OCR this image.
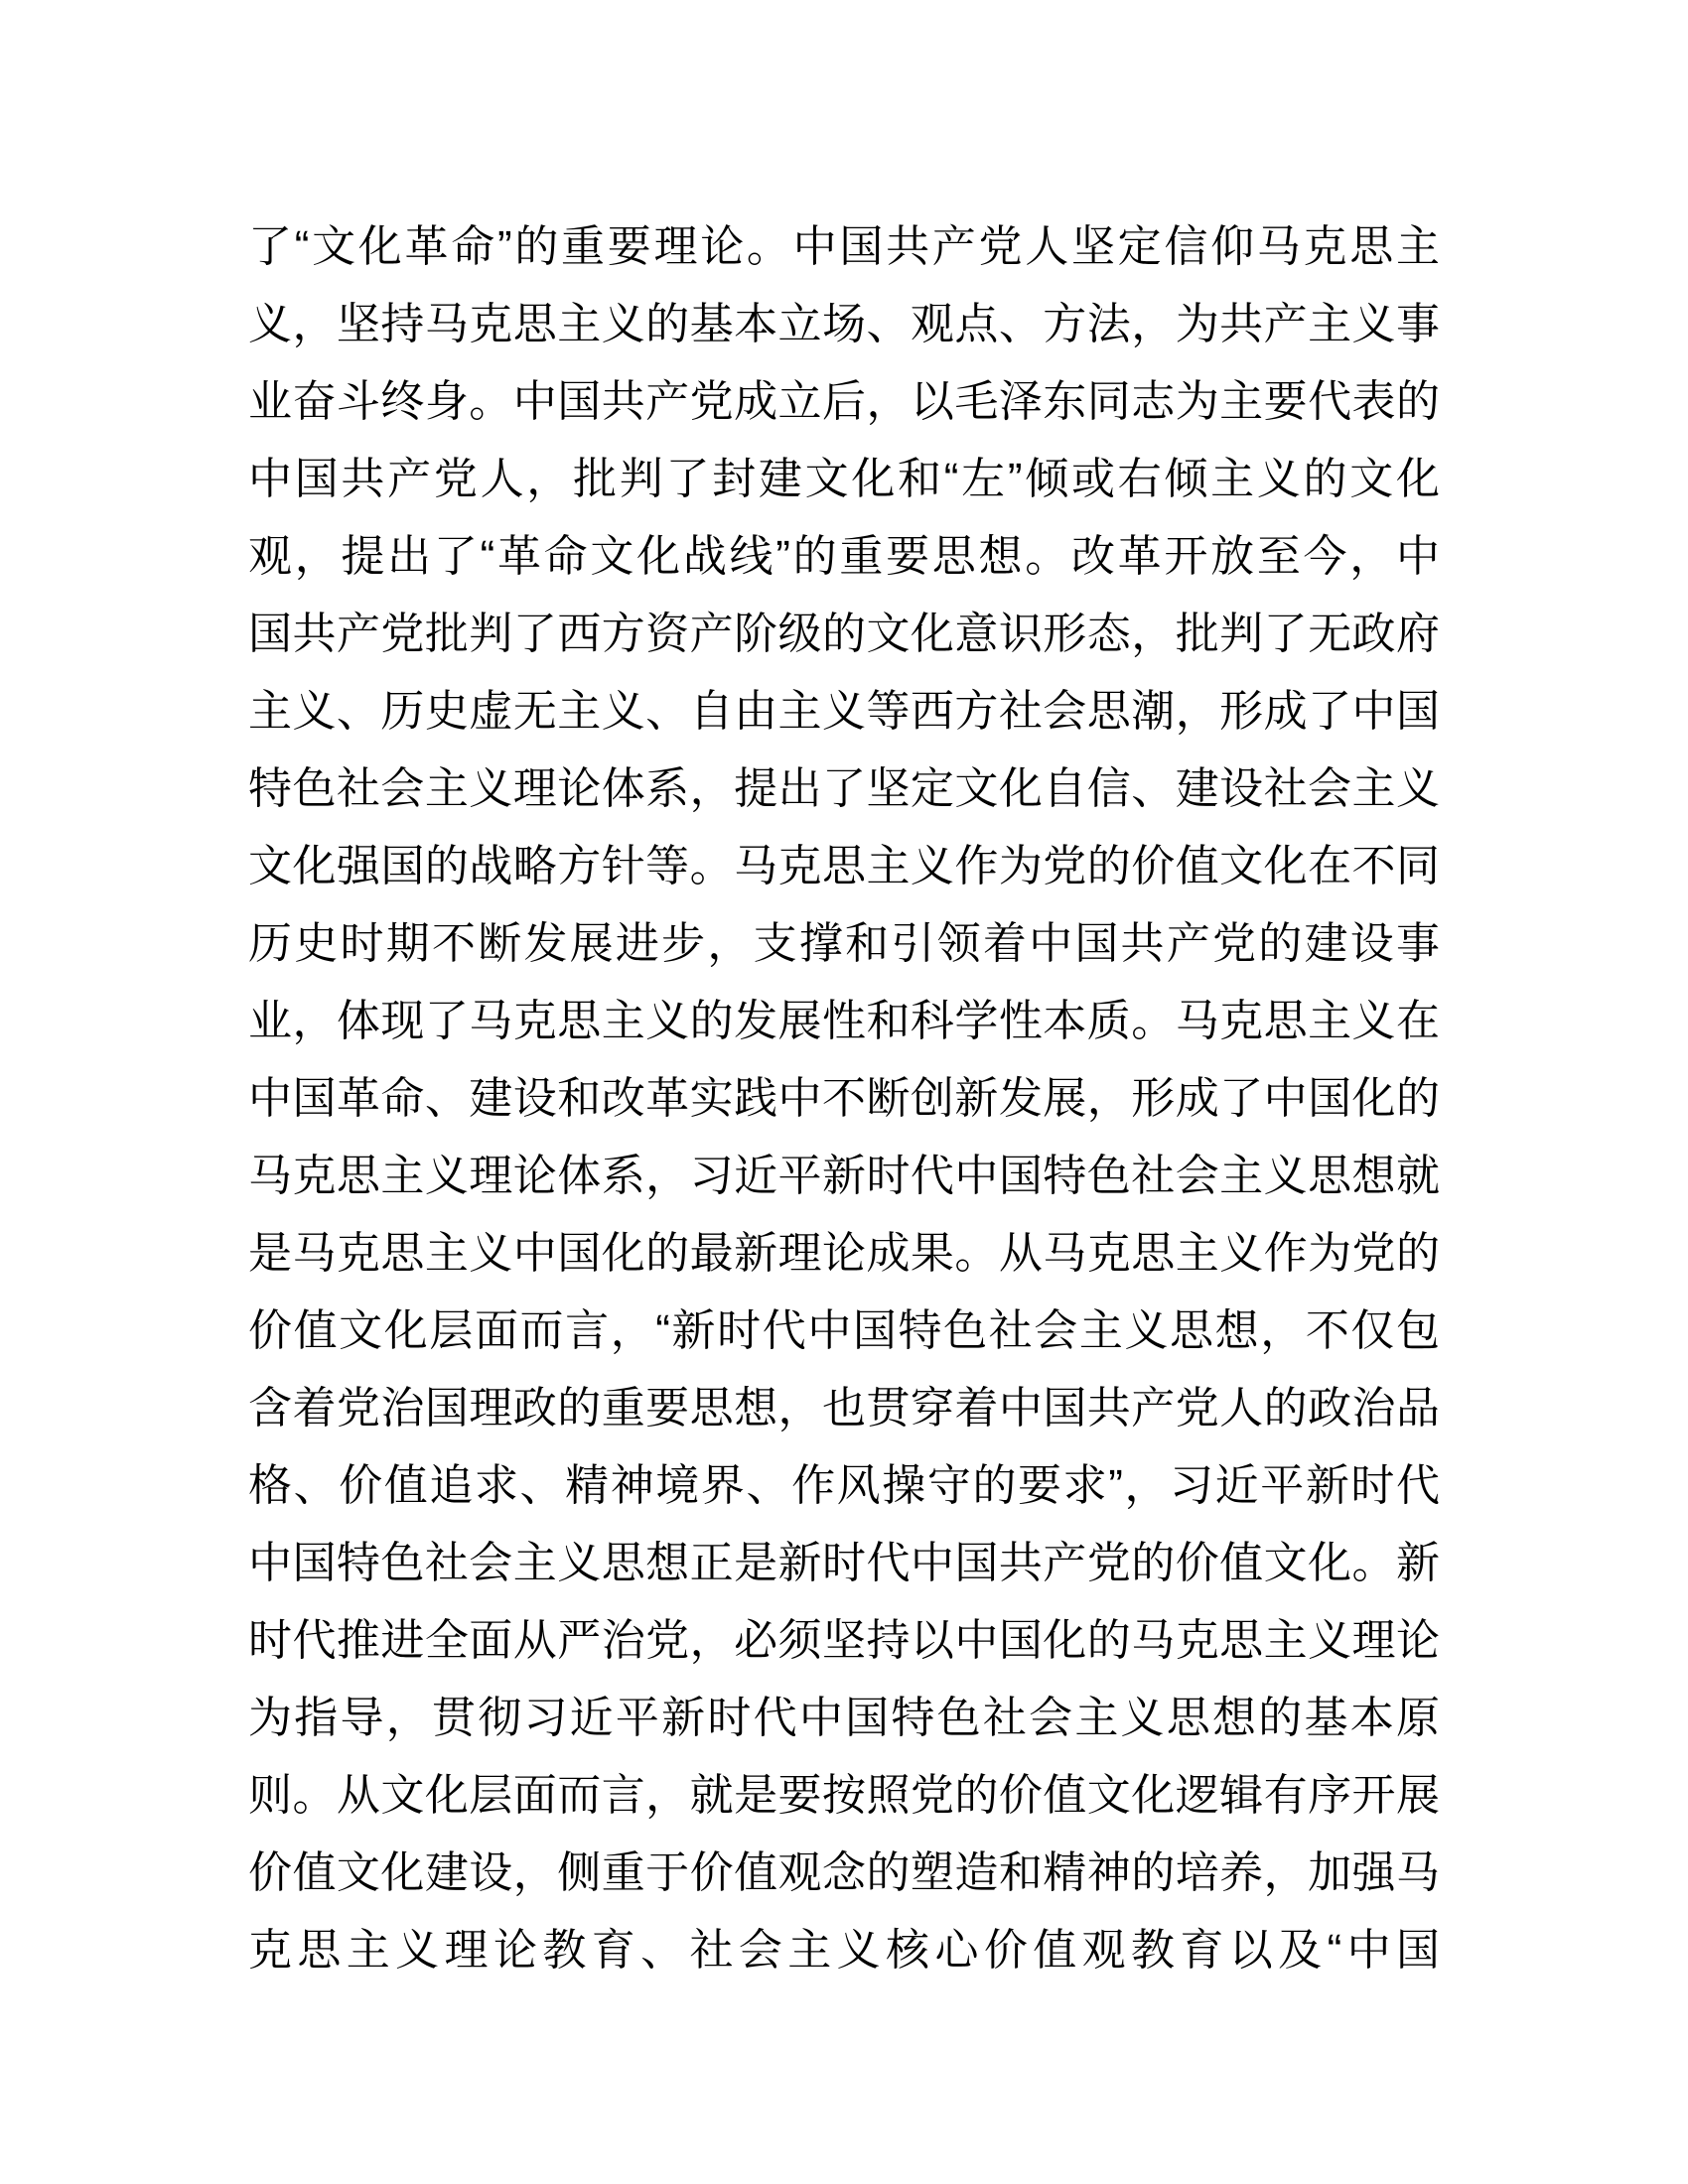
了“文化革命”的重要理论。中国共产党人坚定信仰马克思主
义，坚持马克思主义的基本立场、观点、方法，为共产主义事
业奋斗终身。中国共产党成立后，以毛泽东同志为主要代表的
中国共产党人，批判了封建文化和“左”倾或右倾主义的文化
观，提出了“革命文化战线”的重要思想。改革开放至今，中
国共产党批判了西方资产阶级的文化意识形态，批判了无政府
主义、历史虚无主义、自由主义等西方社会思潮，形成了中国
特色社会主义理论体系，提出了坚定文化自信、建设社会主义
文化强国的战略方针等。马克思主义作为党的价值文化在不同
历史时期不断发展进步，支撑和引领着中国共产党的建设事
业，体现了马克思主义的发展性和科学性本质。马克思主义在
中国革命、建设和改革实践中不断创新发展，形成了中国化的
马克思主义理论体系，习近平新时代中国特色社会主义思想就
是马克思主义中国化的最新理论成果。从马克思主义作为党的
价值文化层面而言，“新时代中国特色社会主义思想，不仅包
含着党治国理政的重要思想，也贯穿着中国共产党人的政治品
格、价值追求、精神境界、作风操守的要求”，习近平新时代
中国特色社会主义思想正是新时代中国共产党的价值文化。新
时代推进全面从严治党，必须坚持以中国化的马克思主义理论
为指导，贯彻习近平新时代中国特色社会主义思想的基本原
则。从文化层面而言，就是要按照党的价值文化逻辑有序开展
价值文化建设，侧重于价值观念的塑造和精神的培养，加强马
克思主义理论教育、社会主义核心价值观教育以及“中国
